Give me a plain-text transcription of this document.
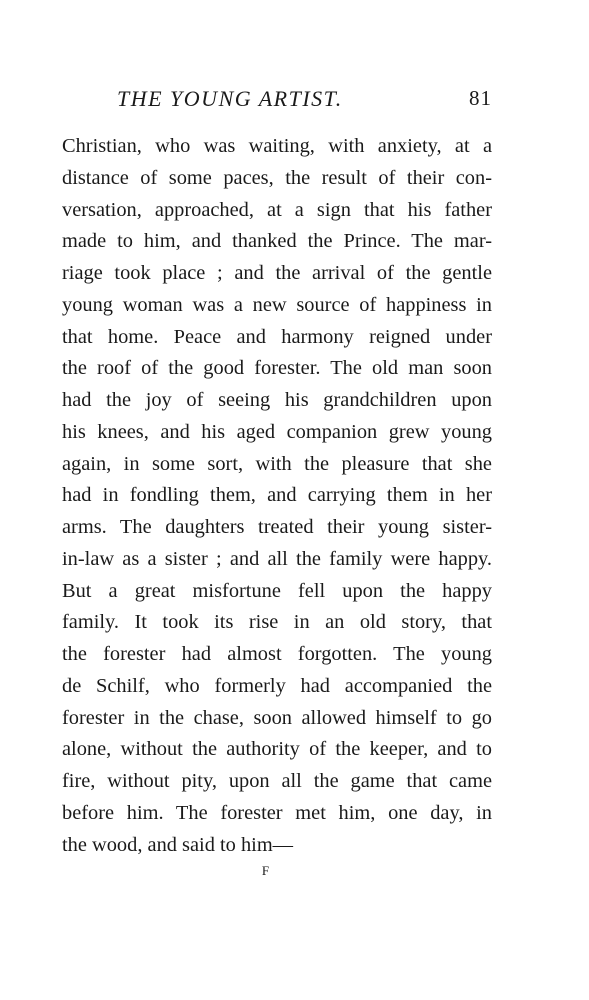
THE YOUNG ARTIST.	81

Christian, who was waiting, with anxiety, at a
distance of some paces, the result of their con-
versation, approached, at a sign that his father
made to him, and thanked the Prince. The mar-
riage took place ; and the arrival of the gentle
young woman was a new source of happiness in
that home. Peace and harmony reigned under
the roof of the good forester. The old man soon
had the joy of seeing his grandchildren upon
his knees, and his aged companion grew young
again, in some sort, with the pleasure that she
had in fondling them, and carrying them in her
arms. The daughters treated their young sister-
in-law as a sister ; and all the family were happy.

But a great misfortune fell upon the happy
family. It took its rise in an old story, that
the forester had almost forgotten. The young
de Schilf, who formerly had accompanied the
forester in the chase, soon allowed himself to go
alone, without the authority of the keeper, and to
fire, without pity, upon all the game that came
before him. The forester met him, one day, in
the wood, and said to him—

F
